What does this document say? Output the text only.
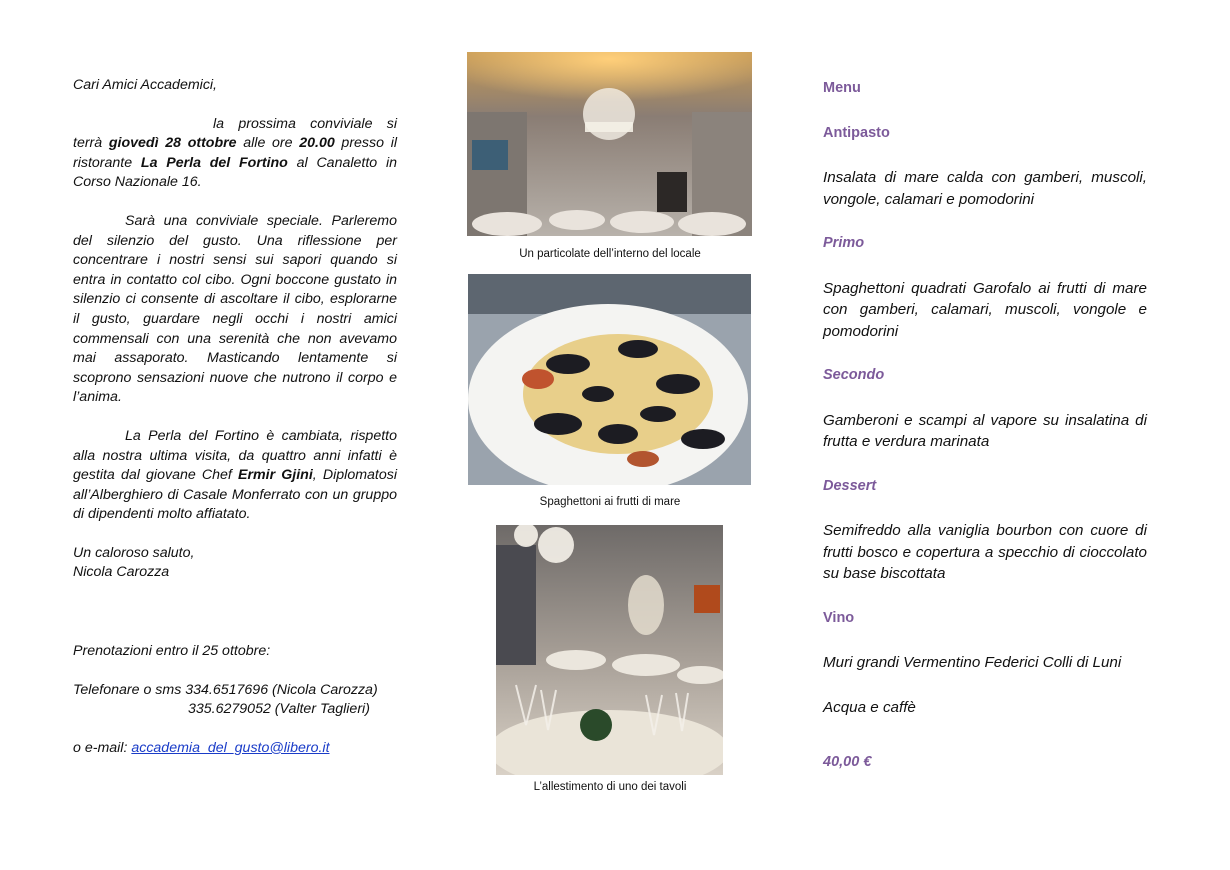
Cari Amici Accademici,

la prossima conviviale si terrà giovedì 28 ottobre alle ore 20.00 presso il ristorante La Perla del Fortino al Canaletto in Corso Nazionale 16.

Sarà una conviviale speciale. Parleremo del silenzio del gusto. Una riflessione per concentrare i nostri sensi sui sapori quando si entra in contatto col cibo. Ogni boccone gustato in silenzio ci consente di ascoltare il cibo, esplorarne il gusto, guardare negli occhi i nostri amici commensali con una serenità che non avevamo mai assaporato. Masticando lentamente si scoprono sensazioni nuove che nutrono il corpo e l’anima.

La Perla del Fortino è cambiata, rispetto alla nostra ultima visita, da quattro anni infatti è gestita dal giovane Chef Ermir Gjini, Diplomatosi all’Alberghiero di Casale Monferrato con un gruppo di dipendenti molto affiatato.

Un caloroso saluto,

Nicola Carozza

Prenotazioni entro il 25 ottobre:

Telefonare o sms 334.6517696 (Nicola Carozza)

335.6279052 (Valter Taglieri)

o e-mail: accademia_del_gusto@libero.it

Un particolate dell’interno del locale
Spaghettoni ai frutti di mare
L’allestimento di uno dei tavoli

Menu

Antipasto

Insalata di mare calda con gamberi, muscoli, vongole, calamari e pomodorini

Primo

Spaghettoni quadrati Garofalo ai frutti di mare con gamberi, calamari, muscoli, vongole e pomodorini

Secondo

Gamberoni e scampi al vapore su insalatina di frutta e verdura marinata

Dessert

Semifreddo alla vaniglia bourbon con cuore di frutti bosco e copertura a specchio di cioccolato su base biscottata

Vino

Muri grandi Vermentino Federici Colli di Luni

Acqua e caffè

40,00 €
